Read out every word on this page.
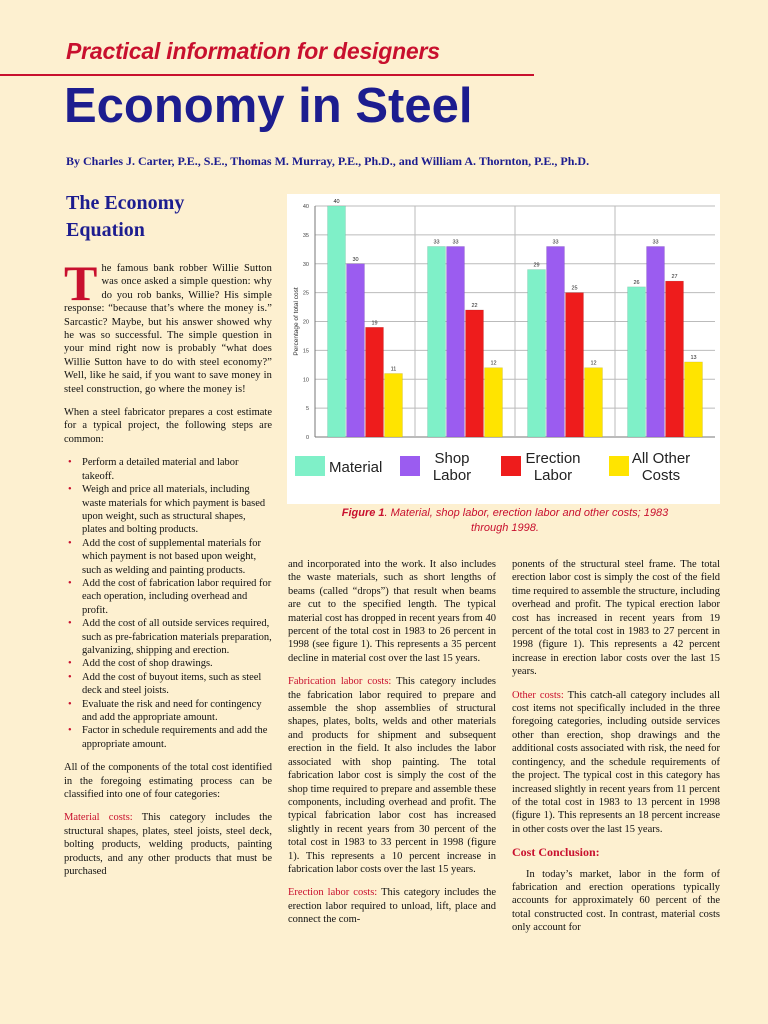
Practical information for designers
Economy in Steel
By Charles J. Carter, P.E., S.E., Thomas M. Murray, P.E., Ph.D., and William A. Thornton, P.E., Ph.D.
The Economy Equation

The famous bank robber Willie Sutton was once asked a simple question: why do you rob banks, Willie? His simple response: “because that’s where the money is.” Sarcastic? Maybe, but his answer showed why he was so successful. The simple question in your mind right now is probably “what does Willie Sutton have to do with steel economy?” Well, like he said, if you want to save money in steel construction, go where the money is!

When a steel fabricator prepares a cost estimate for a typical project, the following steps are common:

• Perform a detailed material and labor takeoff.
• Weigh and price all materials, including waste materials for which payment is based upon weight, such as structural shapes, plates and bolting products.
• Add the cost of supplemental materials for which payment is not based upon weight, such as welding and painting products.
• Add the cost of fabrication labor required for each operation, including overhead and profit.
• Add the cost of all outside services required, such as pre-fabrication materials preparation, galvanizing, shipping and erection.
• Add the cost of shop drawings.
• Add the cost of buyout items, such as steel deck and steel joists.
• Evaluate the risk and need for contingency and add the appropriate amount.
• Factor in schedule requirements and add the appropriate amount.

All of the components of the total cost identified in the foregoing estimating process can be classified into one of four categories:

Material costs: This category includes the structural shapes, plates, steel joists, steel deck, bolting products, welding products, painting products, and any other products that must be purchased

0
5
10
15
20
25
30
35
40
Percentage of total cost
40
30
19
11
33 33
22
12
29
33
25
12
26
33
27
13
Material
Shop Labor
Erection Labor
All Other Costs
Figure 1. Material, shop labor, erection labor and other costs; 1983 through 1998.

and incorporated into the work. It also includes the waste materials, such as short lengths of beams (called “drops”) that result when beams are cut to the specified length. The typical material cost has dropped in recent years from 40 percent of the total cost in 1983 to 26 percent in 1998 (see figure 1). This represents a 35 percent decline in material cost over the last 15 years.

Fabrication labor costs: This category includes the fabrication labor required to prepare and assemble the shop assemblies of structural shapes, plates, bolts, welds and other materials and products for shipment and subsequent erection in the field. It also includes the labor associated with shop painting. The total fabrication labor cost is simply the cost of the shop time required to prepare and assemble these components, including overhead and profit. The typical fabrication labor cost has increased slightly in recent years from 30 percent of the total cost in 1983 to 33 percent in 1998 (figure 1). This represents a 10 percent increase in fabrication labor costs over the last 15 years.

Erection labor costs: This category includes the erection labor required to unload, lift, place and connect the com-

ponents of the structural steel frame. The total erection labor cost is simply the cost of the field time required to assemble the structure, including overhead and profit. The typical erection labor cost has increased in recent years from 19 percent of the total cost in 1983 to 27 percent in 1998 (figure 1). This represents a 42 percent increase in erection labor costs over the last 15 years.

Other costs: This catch-all category includes all cost items not specifically included in the three foregoing categories, including outside services other than erection, shop drawings and the additional costs associated with risk, the need for contingency, and the schedule requirements of the project. The typical cost in this category has increased slightly in recent years from 11 percent of the total cost in 1983 to 13 percent in 1998 (figure 1). This represents an 18 percent increase in other costs over the last 15 years.

Cost Conclusion:

In today’s market, labor in the form of fabrication and erection operations typically accounts for approximately 60 percent of the total constructed cost. In contrast, material costs only account for
